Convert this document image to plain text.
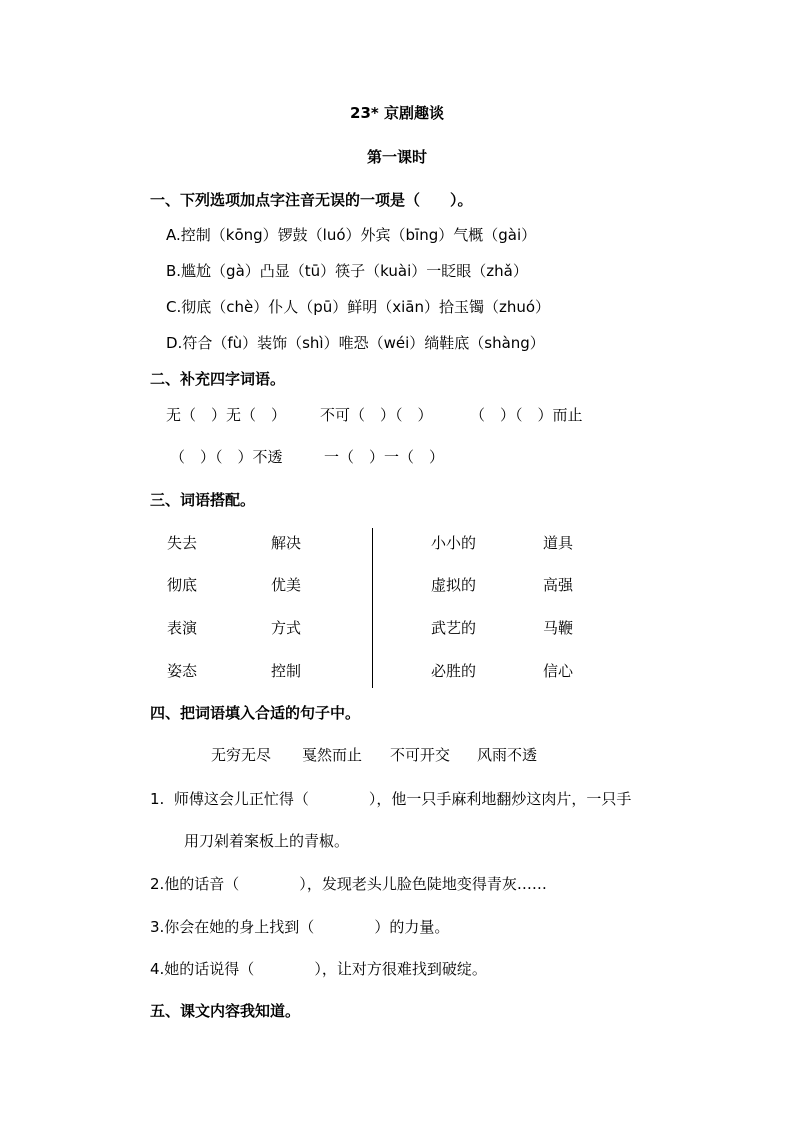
23* 京剧趣谈
第一课时
一、下列选项加点字注音无误的一项是（　　）。
A.控制（kōng）锣鼓（luó）外宾（bīng）气概（gài）
B.尴尬（gà）凸显（tū）筷子（kuài）一眨眼（zhǎ）
C.彻底（chè）仆人（pū）鲜明（xiān）拾玉镯（zhuó）
D.符合（fù）装饰（shì）唯恐（wéi）绱鞋底（shàng）
二、补充四字词语。
无（　）无（　） 不可（　）（　） （　）（　）而止
（　）（　）不透	一（　）一（　）
三、词语搭配。
失去
彻底
表演
姿态
解决
优美
方式
控制
小小的
虚拟的
武艺的
必胜的
道具
高强
马鞭
信心
四、把词语填入合适的句子中。
无穷无尽 戛然而止 不可开交 风雨不透
1.  师傅这会儿正忙得（　　　　），他一只手麻利地翻炒这肉片，一只手
用刀剁着案板上的青椒。
2.他的话音（　　　　），发现老头儿脸色陡地变得青灰……
3.你会在她的身上找到（　　　　）的力量。
4.她的话说得（　　　　），让对方很难找到破绽。
五、课文内容我知道。
